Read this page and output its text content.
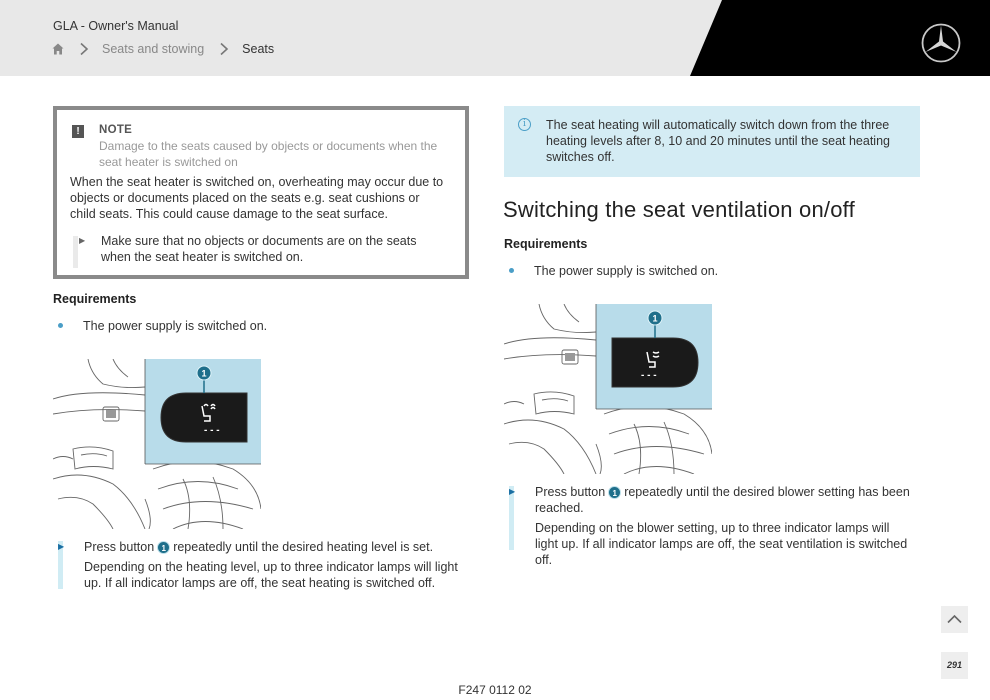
GLA - Owner's Manual
Seats and stowing	Seats
!	NOTE
Damage to the seats caused by objects or documents when the seat heater is switched on
When the seat heater is switched on, overheating may occur due to objects or documents placed on the seats e.g. seat cushions or child seats. This could cause damage to the seat surface.
▶ Make sure that no objects or documents are on the seats when the seat heater is switched on.
Requirements
The power supply is switched on.
- - -
1
▶ Press button 1 repeatedly until the desired heating level is set.
Depending on the heating level, up to three indicator lamps will light up. If all indicator lamps are off, the seat heating is switched off.
i	The seat heating will automatically switch down from the three heating levels after 8, 10 and 20 minutes until the seat heating switches off.
Switching the seat ventilation on/off
Requirements
The power supply is switched on.
- - -
1
▶ Press button 1 repeatedly until the desired blower setting has been reached.
Depending on the blower setting, up to three indicator lamps will light up. If all indicator lamps are off, the seat ventilation is switched off.
291
F247 0112 02
